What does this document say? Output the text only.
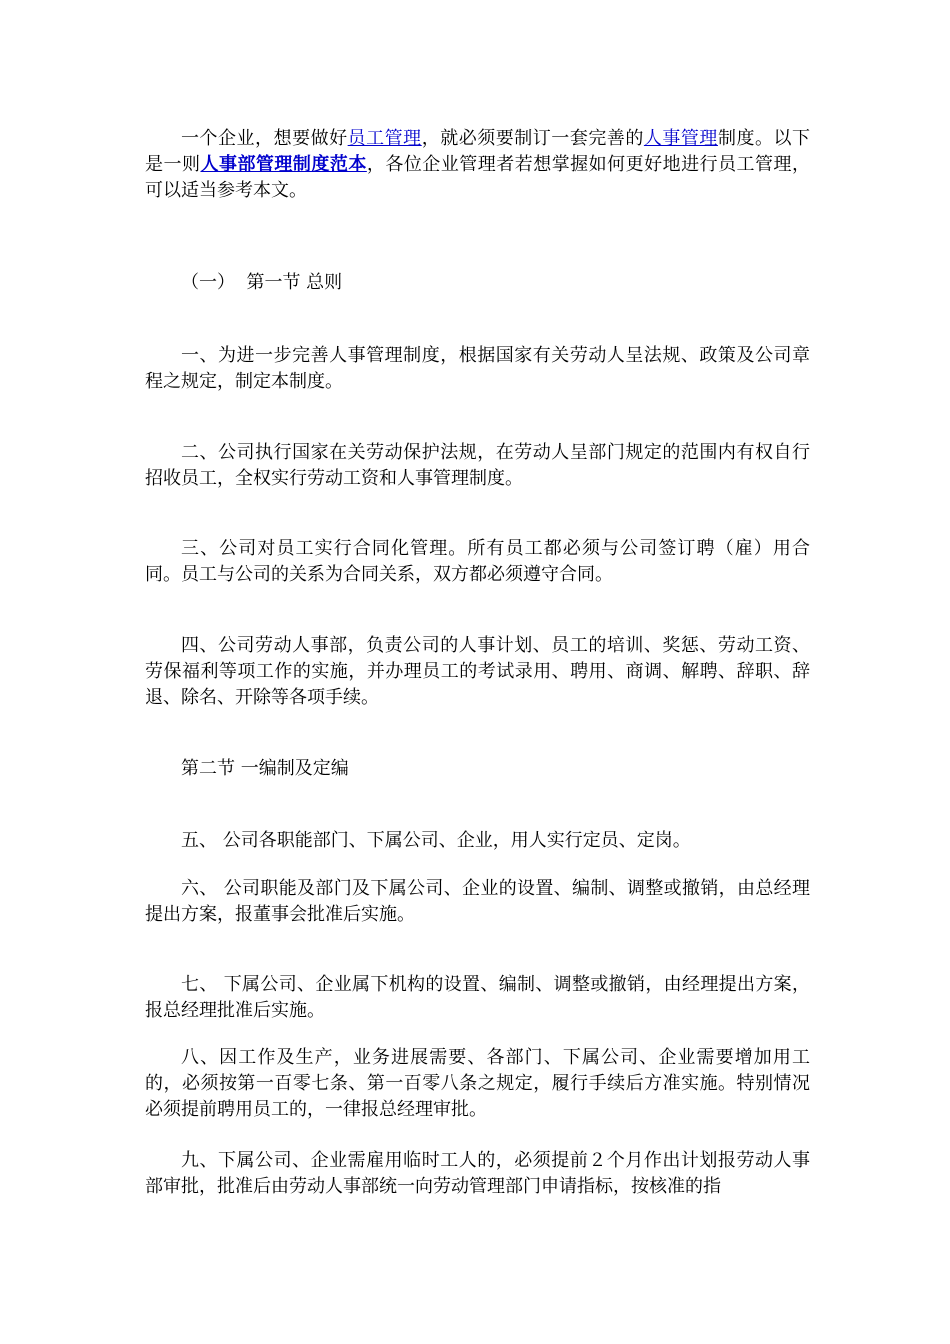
一个企业，想要做好员工管理，就必须要制订一套完善的人事管理制度。以下是一则人事部管理制度范本，各位企业管理者若想掌握如何更好地进行员工管理，可以适当参考本文。

（一）  第一节 总则

一、为进一步完善人事管理制度，根据国家有关劳动人呈法规、政策及公司章程之规定，制定本制度。

二、公司执行国家在关劳动保护法规，在劳动人呈部门规定的范围内有权自行招收员工，全权实行劳动工资和人事管理制度。

三、公司对员工实行合同化管理。所有员工都必须与公司签订聘（雇）用合同。员工与公司的关系为合同关系，双方都必须遵守合同。

四、公司劳动人事部，负责公司的人事计划、员工的培训、奖惩、劳动工资、劳保福利等项工作的实施，并办理员工的考试录用、聘用、商调、解聘、辞职、辞退、除名、开除等各项手续。

第二节 一编制及定编

五、 公司各职能部门、下属公司、企业，用人实行定员、定岗。

六、 公司职能及部门及下属公司、企业的设置、编制、调整或撤销，由总经理提出方案，报董事会批准后实施。

七、 下属公司、企业属下机构的设置、编制、调整或撤销，由经理提出方案，报总经理批准后实施。

八、因工作及生产，业务进展需要、各部门、下属公司、企业需要增加用工的，必须按第一百零七条、第一百零八条之规定，履行手续后方准实施。特别情况必须提前聘用员工的，一律报总经理审批。

九、下属公司、企业需雇用临时工人的，必须提前２个月作出计划报劳动人事部审批，批准后由劳动人事部统一向劳动管理部门申请指标，按核准的指
